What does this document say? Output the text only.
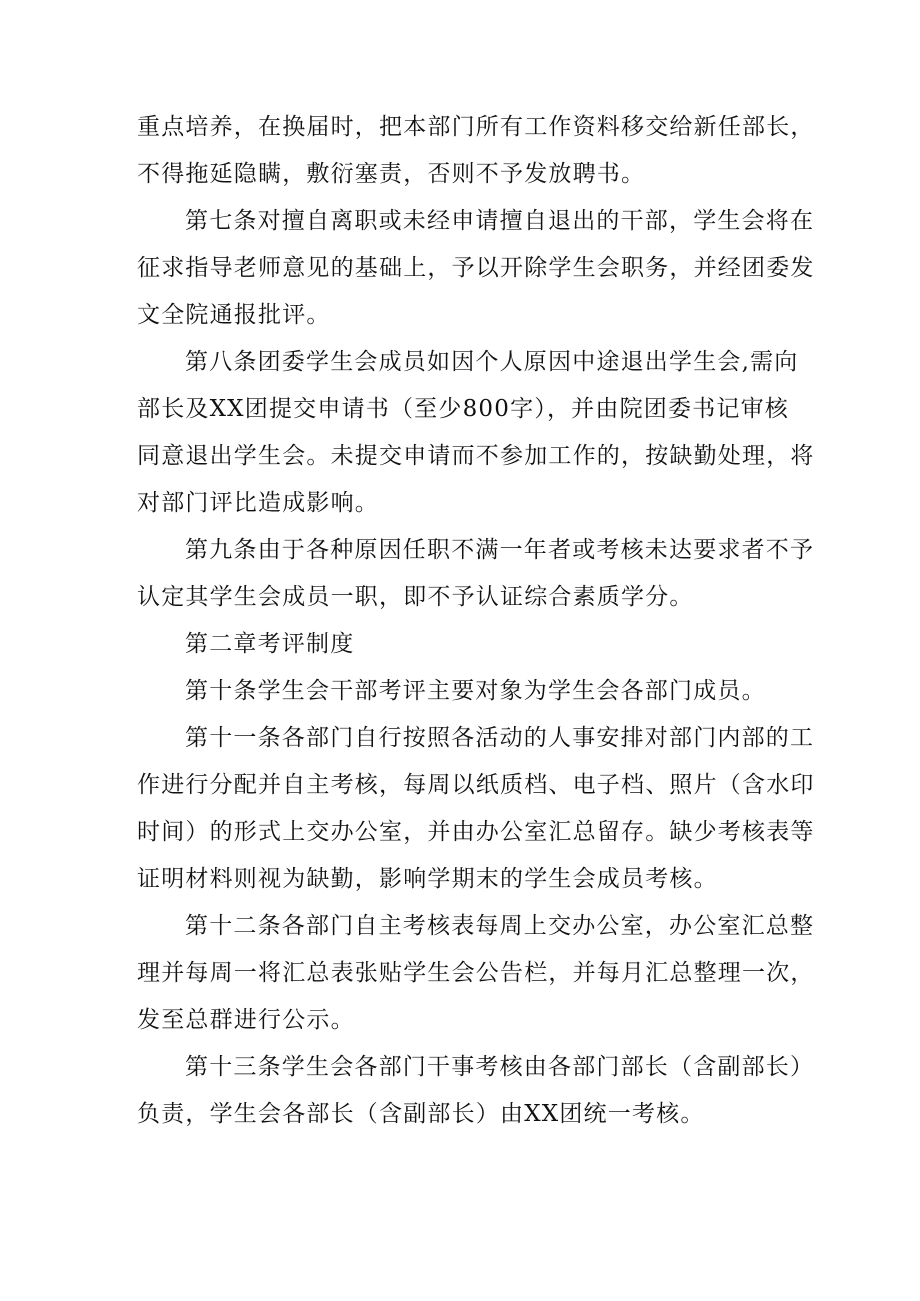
重点培养，在换届时，把本部门所有工作资料移交给新任部长，

不得拖延隐瞒，敷衍塞责，否则不予发放聘书。

第七条对擅自离职或未经申请擅自退出的干部，学生会将在

征求指导老师意见的基础上，予以开除学生会职务，并经团委发

文全院通报批评。

第八条团委学生会成员如因个人原因中途退出学生会,需向

部长及XX团提交申请书（至少800字），并由院团委书记审核

同意退出学生会。未提交申请而不参加工作的，按缺勤处理，将

对部门评比造成影响。

第九条由于各种原因任职不满一年者或考核未达要求者不予

认定其学生会成员一职，即不予认证综合素质学分。

第二章考评制度

第十条学生会干部考评主要对象为学生会各部门成员。

第十一条各部门自行按照各活动的人事安排对部门内部的工

作进行分配并自主考核，每周以纸质档、电子档、照片（含水印

时间）的形式上交办公室，并由办公室汇总留存。缺少考核表等

证明材料则视为缺勤，影响学期末的学生会成员考核。

第十二条各部门自主考核表每周上交办公室，办公室汇总整

理并每周一将汇总表张贴学生会公告栏，并每月汇总整理一次，

发至总群进行公示。

第十三条学生会各部门干事考核由各部门部长（含副部长）

负责，学生会各部长（含副部长）由XX团统一考核。
